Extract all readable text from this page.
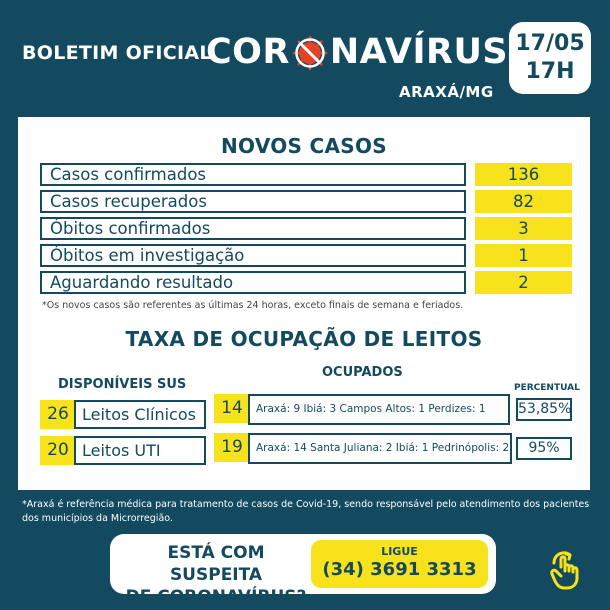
BOLETIM OFICIAL
COR NAVÍRUS
ARAXÁ/MG
17/05
17H
NOVOS CASOS
Casos confirmados	136
Casos recuperados	82
Óbitos confirmados	3
Óbitos em investigação	1
Aguardando resultado	2
*Os novos casos são referentes as últimas 24 horas, exceto finais de semana e feriados.
TAXA DE OCUPAÇÃO DE LEITOS
DISPONÍVEIS SUS
OCUPADOS
PERCENTUAL
26 Leitos Clínicos	14	Araxá: 9 Ibiá: 3 Campos Altos: 1 Perdizes: 1	53,85%
20 Leitos UTI	19	Araxá: 14 Santa Juliana: 2 Ibiá: 1 Pedrinópolis: 2	95%
*Araxá é referência médica para tratamento de casos de Covid-19, sendo responsável pelo atendimento dos pacientes dos municípios da Microrregião.
ESTÁ COM SUSPEITA
DE CORONAVÍRUS?
LIGUE
(34) 3691 3313
